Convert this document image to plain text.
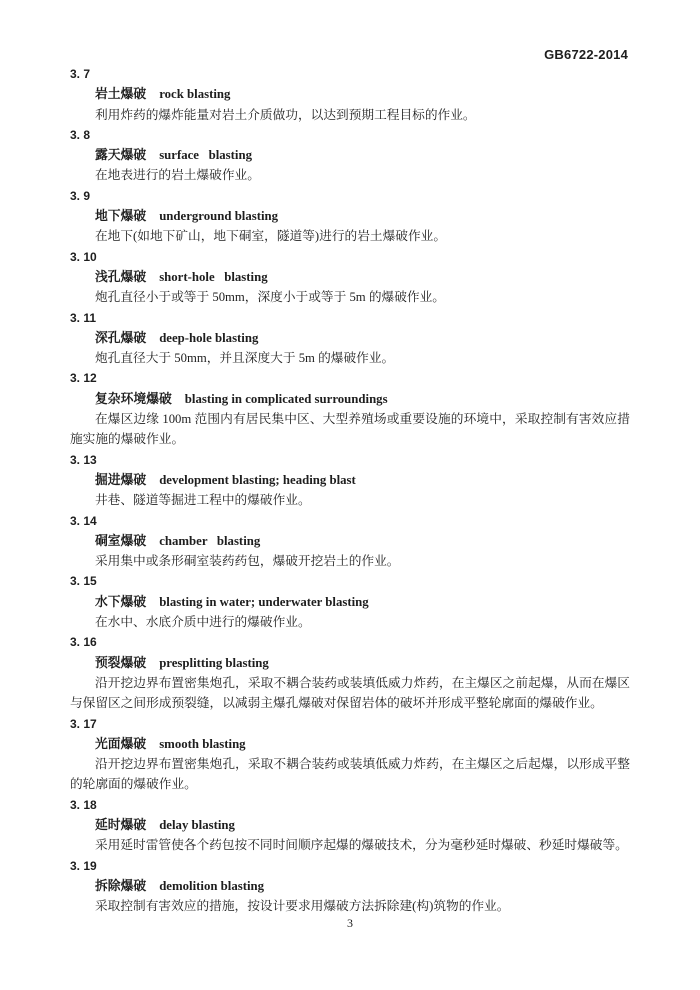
GB6722-2014
3. 7
岩土爆破 rock blasting

利用炸药的爆炸能量对岩土介质做功，以达到预期工程目标的作业。

3. 8
露天爆破 surface   blasting

在地表进行的岩土爆破作业。

3. 9
地下爆破 underground blasting

在地下(如地下矿山，地下硐室，隧道等)进行的岩土爆破作业。

3. 10
浅孔爆破 short-hole   blasting

炮孔直径小于或等于 50mm，深度小于或等于 5m 的爆破作业。

3. 11
深孔爆破 deep-hole blasting

炮孔直径大于 50mm，并且深度大于 5m 的爆破作业。

3. 12
复杂环境爆破 blasting in complicated surroundings

在爆区边缘 100m 范围内有居民集中区、大型养殖场或重要设施的环境中，采取控制有害效应措施实施的爆破作业。

3. 13
掘进爆破 development blasting; heading blast

井巷、隧道等掘进工程中的爆破作业。

3. 14
硐室爆破 chamber   blasting

采用集中或条形硐室装药药包，爆破开挖岩土的作业。

3. 15
水下爆破 blasting in water; underwater blasting

在水中、水底介质中进行的爆破作业。

3. 16
预裂爆破 presplitting blasting

沿开挖边界布置密集炮孔，采取不耦合装药或装填低威力炸药，在主爆区之前起爆，从而在爆区与保留区之间形成预裂缝，以减弱主爆孔爆破对保留岩体的破坏并形成平整轮廓面的爆破作业。

3. 17
光面爆破 smooth blasting

沿开挖边界布置密集炮孔，采取不耦合装药或装填低威力炸药，在主爆区之后起爆，以形成平整的轮廓面的爆破作业。

3. 18
延时爆破 delay blasting

采用延时雷管使各个药包按不同时间顺序起爆的爆破技术，分为毫秒延时爆破、秒延时爆破等。

3. 19
拆除爆破 demolition blasting

采取控制有害效应的措施，按设计要求用爆破方法拆除建(构)筑物的作业。

3
